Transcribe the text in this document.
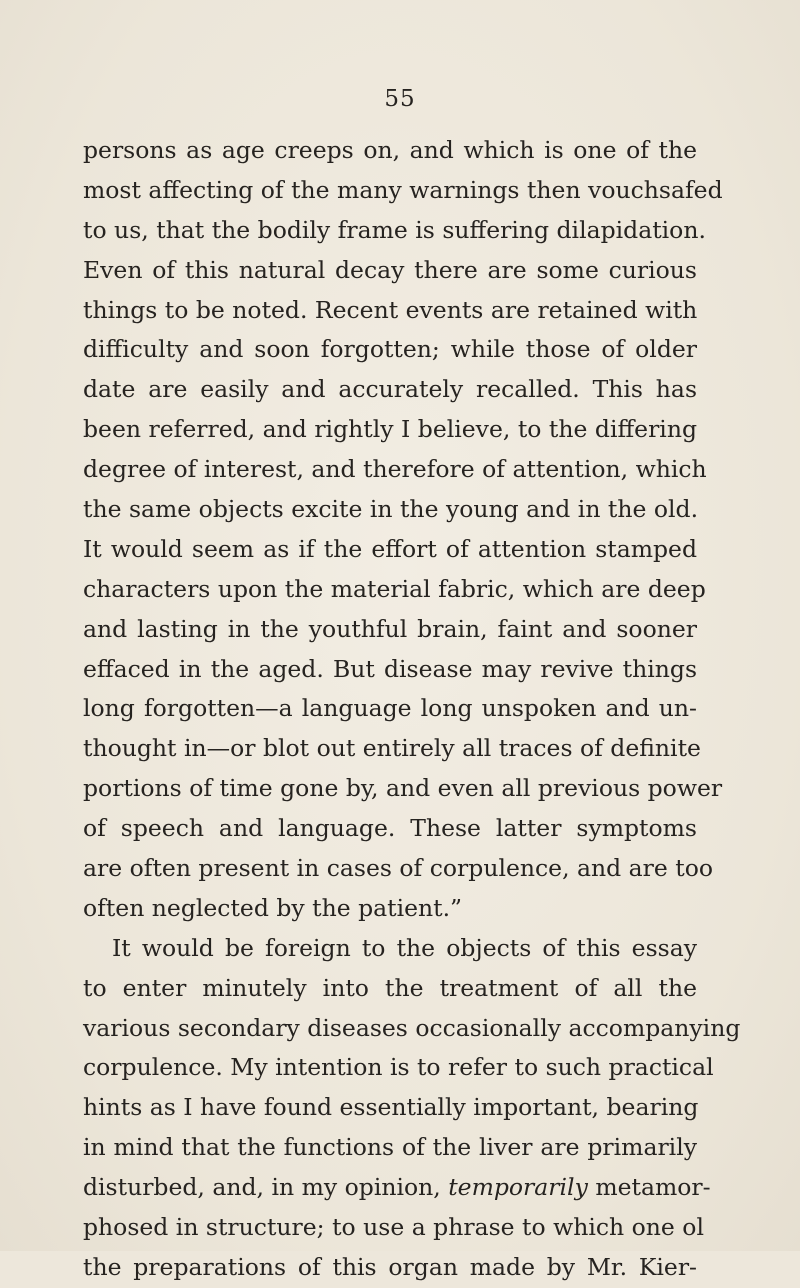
55
persons as age creeps on, and which is one of the
most affecting of the many warnings then vouchsafed
to us, that the bodily frame is suffering dilapidation.
Even of this natural decay there are some curious
things to be noted. Recent events are retained with
difficulty and soon forgotten; while those of older
date are easily and accurately recalled. This has
been referred, and rightly I believe, to the differing
degree of interest, and therefore of attention, which
the same objects excite in the young and in the old.
It would seem as if the effort of attention stamped
characters upon the material fabric, which are deep
and lasting in the youthful brain, faint and sooner
effaced in the aged. But disease may revive things
long forgotten—a language long unspoken and un-
thought in—or blot out entirely all traces of definite
portions of time gone by, and even all previous power
of speech and language. These latter symptoms
are often present in cases of corpulence, and are too
often neglected by the patient.”
It would be foreign to the objects of this essay
to enter minutely into the treatment of all the
various secondary diseases occasionally accompanying
corpulence. My intention is to refer to such practical
hints as I have found essentially important, bearing
in mind that the functions of the liver are primarily
disturbed, and, in my opinion, temporarily metamor-
phosed in structure; to use a phrase to which one ol
the preparations of this organ made by Mr. Kier-
